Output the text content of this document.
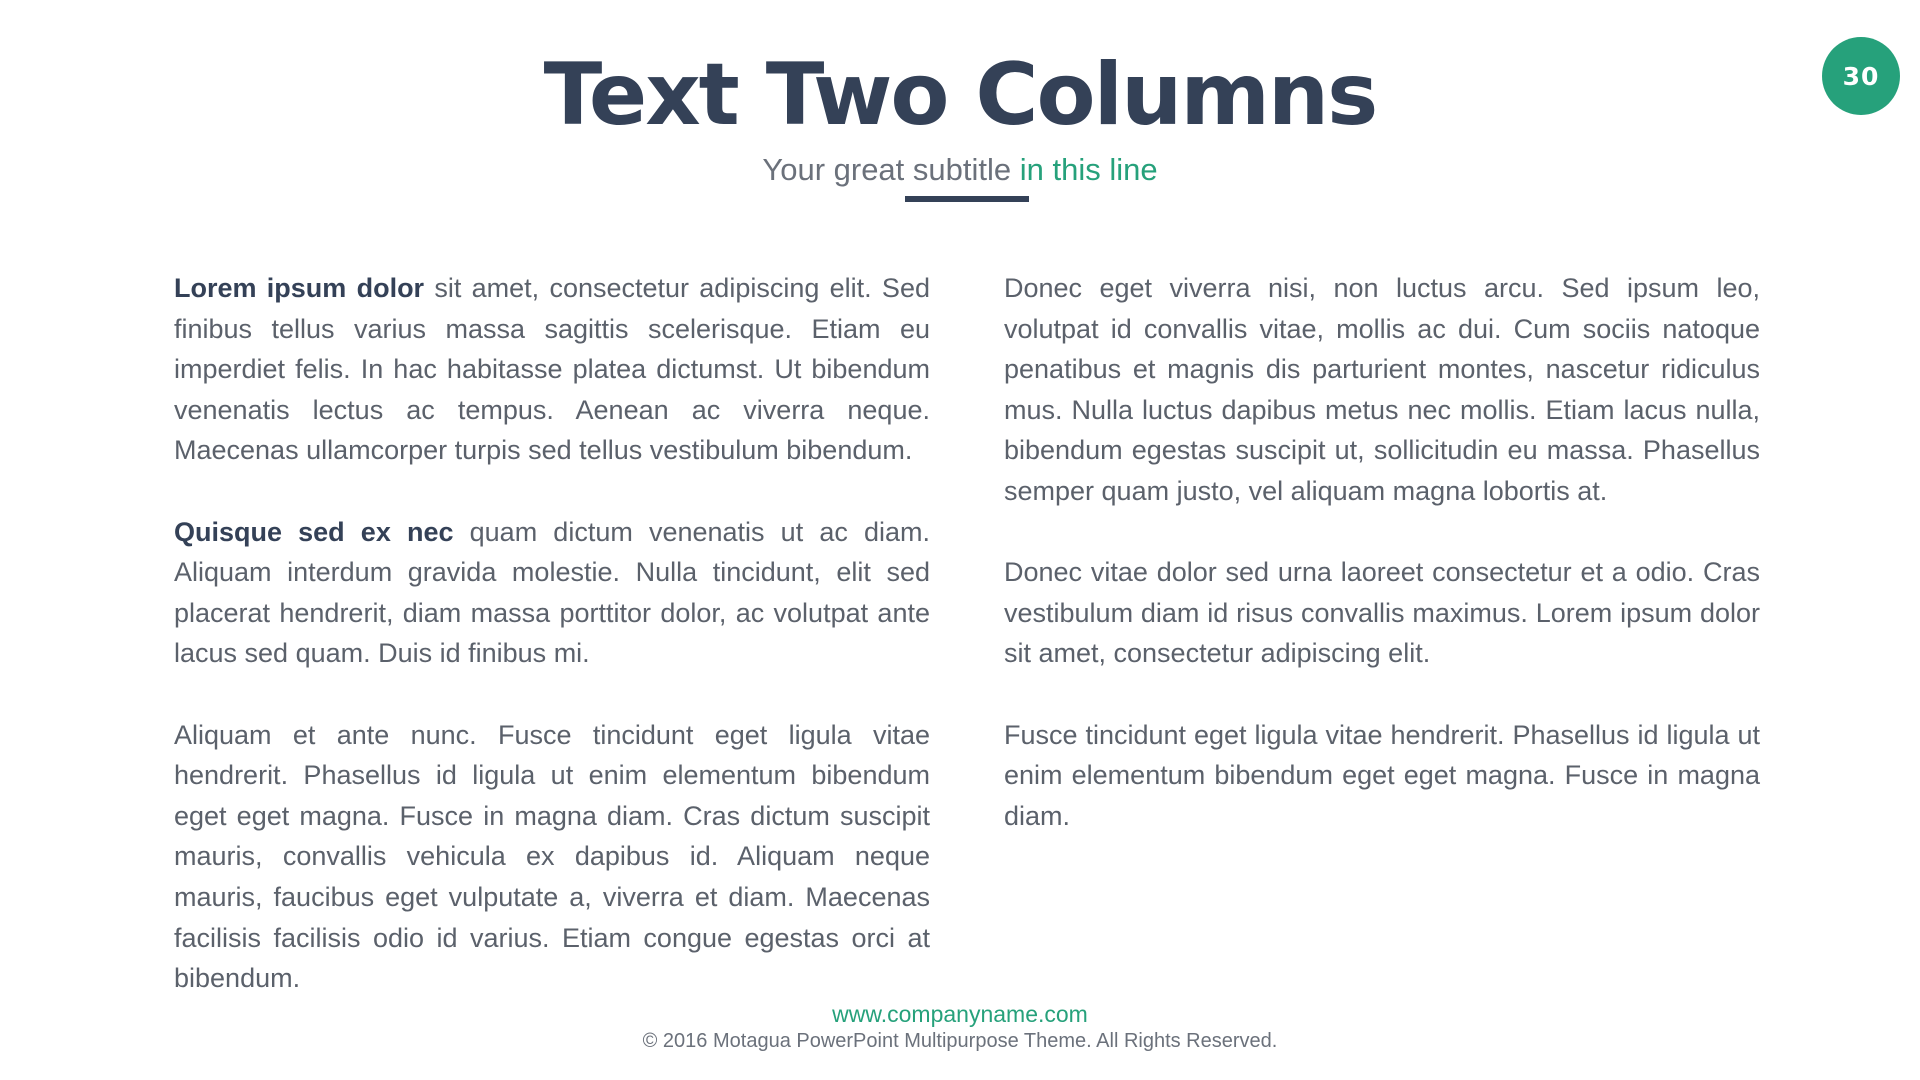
30
Text Two Columns

Your great subtitle in this line

Lorem ipsum dolor sit amet, consectetur adipiscing elit. Sed finibus tellus varius massa sagittis scelerisque. Etiam eu imperdiet felis. In hac habitasse platea dictumst. Ut bibendum venenatis lectus ac tempus. Aenean ac viverra neque. Maecenas ullamcorper turpis sed tellus vestibulum bibendum.

Quisque sed ex nec quam dictum venenatis ut ac diam. Aliquam interdum gravida molestie. Nulla tincidunt, elit sed placerat hendrerit, diam massa porttitor dolor, ac volutpat ante lacus sed quam. Duis id finibus mi.

Aliquam et ante nunc. Fusce tincidunt eget ligula vitae hendrerit. Phasellus id ligula ut enim elementum bibendum eget eget magna. Fusce in magna diam. Cras dictum suscipit mauris, convallis vehicula ex dapibus id. Aliquam neque mauris, faucibus eget vulputate a, viverra et diam. Maecenas facilisis facilisis odio id varius. Etiam congue egestas orci at bibendum.

Donec eget viverra nisi, non luctus arcu. Sed ipsum leo, volutpat id convallis vitae, mollis ac dui. Cum sociis natoque penatibus et magnis dis parturient montes, nascetur ridiculus mus. Nulla luctus dapibus metus nec mollis. Etiam lacus nulla, bibendum egestas suscipit ut, sollicitudin eu massa. Phasellus semper quam justo, vel aliquam magna lobortis at.

Donec vitae dolor sed urna laoreet consectetur et a odio. Cras vestibulum diam id risus convallis maximus. Lorem ipsum dolor sit amet, consectetur adipiscing elit.

Fusce tincidunt eget ligula vitae hendrerit. Phasellus id ligula ut enim elementum bibendum eget eget magna. Fusce in magna diam.

www.companyname.com
© 2016 Motagua PowerPoint Multipurpose Theme. All Rights Reserved.
